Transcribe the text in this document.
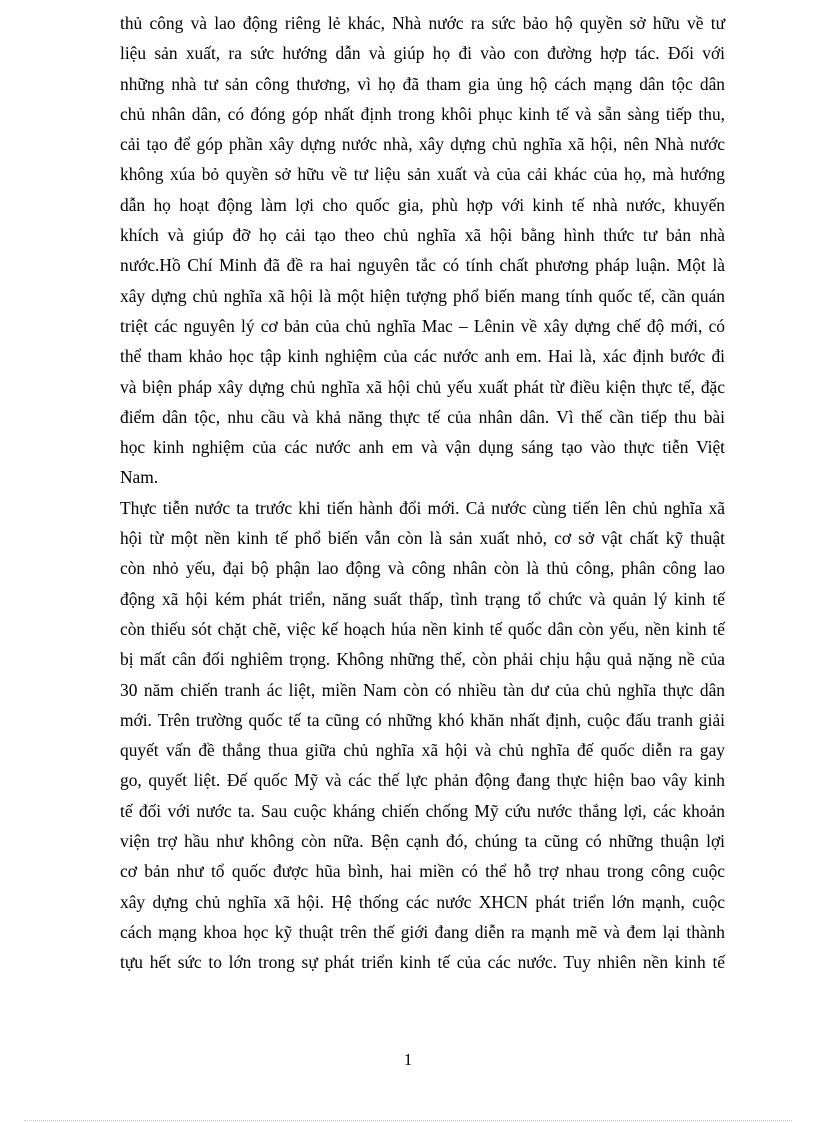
thủ công và lao động riêng lẻ khác, Nhà nước ra sức bảo hộ quyền sở hữu về tư
liệu sản xuất, ra sức hướng dẫn và giúp họ đi vào con đường hợp tác. Đối với
những nhà tư sản công thương, vì họ đã tham gia ủng hộ cách mạng dân tộc dân
chủ nhân dân, có đóng góp nhất định trong khôi phục kinh tế và sẵn sàng tiếp thu,
cải tạo để góp phần xây dựng nước nhà, xây dựng chủ nghĩa xã hội, nên Nhà nước
không xúa bỏ quyền sở hữu về tư liệu sản xuất và của cải khác của họ, mà hướng
dẫn họ hoạt động làm lợi cho quốc gia, phù hợp với kinh tế nhà nước, khuyến
khích và giúp đỡ họ cải tạo theo chủ nghĩa xã hội bằng hình thức tư bản nhà
nước.Hồ Chí Minh đã đề ra hai nguyên tắc có tính chất phương pháp luận. Một là
xây dựng chủ nghĩa xã hội là một hiện tượng phổ biến mang tính quốc tế, cần quán
triệt các nguyên lý cơ bản của chủ nghĩa Mac – Lênin về xây dựng chế độ mới, có
thể tham khảo học tập kinh nghiệm của các nước anh em. Hai là, xác định bước đi
và biện pháp xây dựng chủ nghĩa xã hội chủ yếu xuất phát từ điều kiện thực tế, đặc
điểm dân tộc, nhu cầu và khả năng thực tế của nhân dân. Vì thế cần tiếp thu bài
học kinh nghiệm của các nước anh em và vận dụng sáng tạo vào thực tiễn Việt
Nam.
Thực tiễn nước ta trước khi tiến hành đổi mới. Cả nước cùng tiến lên chủ nghĩa xã
hội từ một nền kinh tế phổ biến vẫn còn là sản xuất nhỏ, cơ sở vật chất kỹ thuật
còn nhỏ yếu, đại bộ phận lao động và công nhân còn là thủ công, phân công lao
động xã hội kém phát triển, năng suất thấp, tình trạng tổ chức và quản lý kinh tế
còn thiếu sót chặt chẽ, việc kế hoạch húa nền kinh tế quốc dân còn yếu, nền kinh tế
bị mất cân đối nghiêm trọng. Không những thế, còn phải chịu hậu quả nặng nề của
30 năm chiến tranh ác liệt, miền Nam còn có nhiều tàn dư của chủ nghĩa thực dân
mới. Trên trường quốc tế ta cũng có những khó khăn nhất định, cuộc đấu tranh giải
quyết vấn đề thắng thua giữa chủ nghĩa xã hội và chủ nghĩa đế quốc diễn ra gay
go, quyết liệt. Đế quốc Mỹ và các thế lực phản động đang thực hiện bao vây kinh
tế đối với nước ta. Sau cuộc kháng chiến chống Mỹ cứu nước thắng lợi, các khoản
viện trợ hầu như không còn nữa. Bện cạnh đó, chúng ta cũng có những thuận lợi
cơ bản như tổ quốc được hũa bình, hai miền có thể hỗ trợ nhau trong công cuộc
xây dựng chủ nghĩa xã hội. Hệ thống các nước XHCN phát triển lớn mạnh, cuộc
cách mạng khoa học kỹ thuật trên thế giới đang diễn ra mạnh mẽ và đem lại thành
tựu hết sức to lớn trong sự phát triển kinh tế của các nước. Tuy nhiên nền kinh tế
1
